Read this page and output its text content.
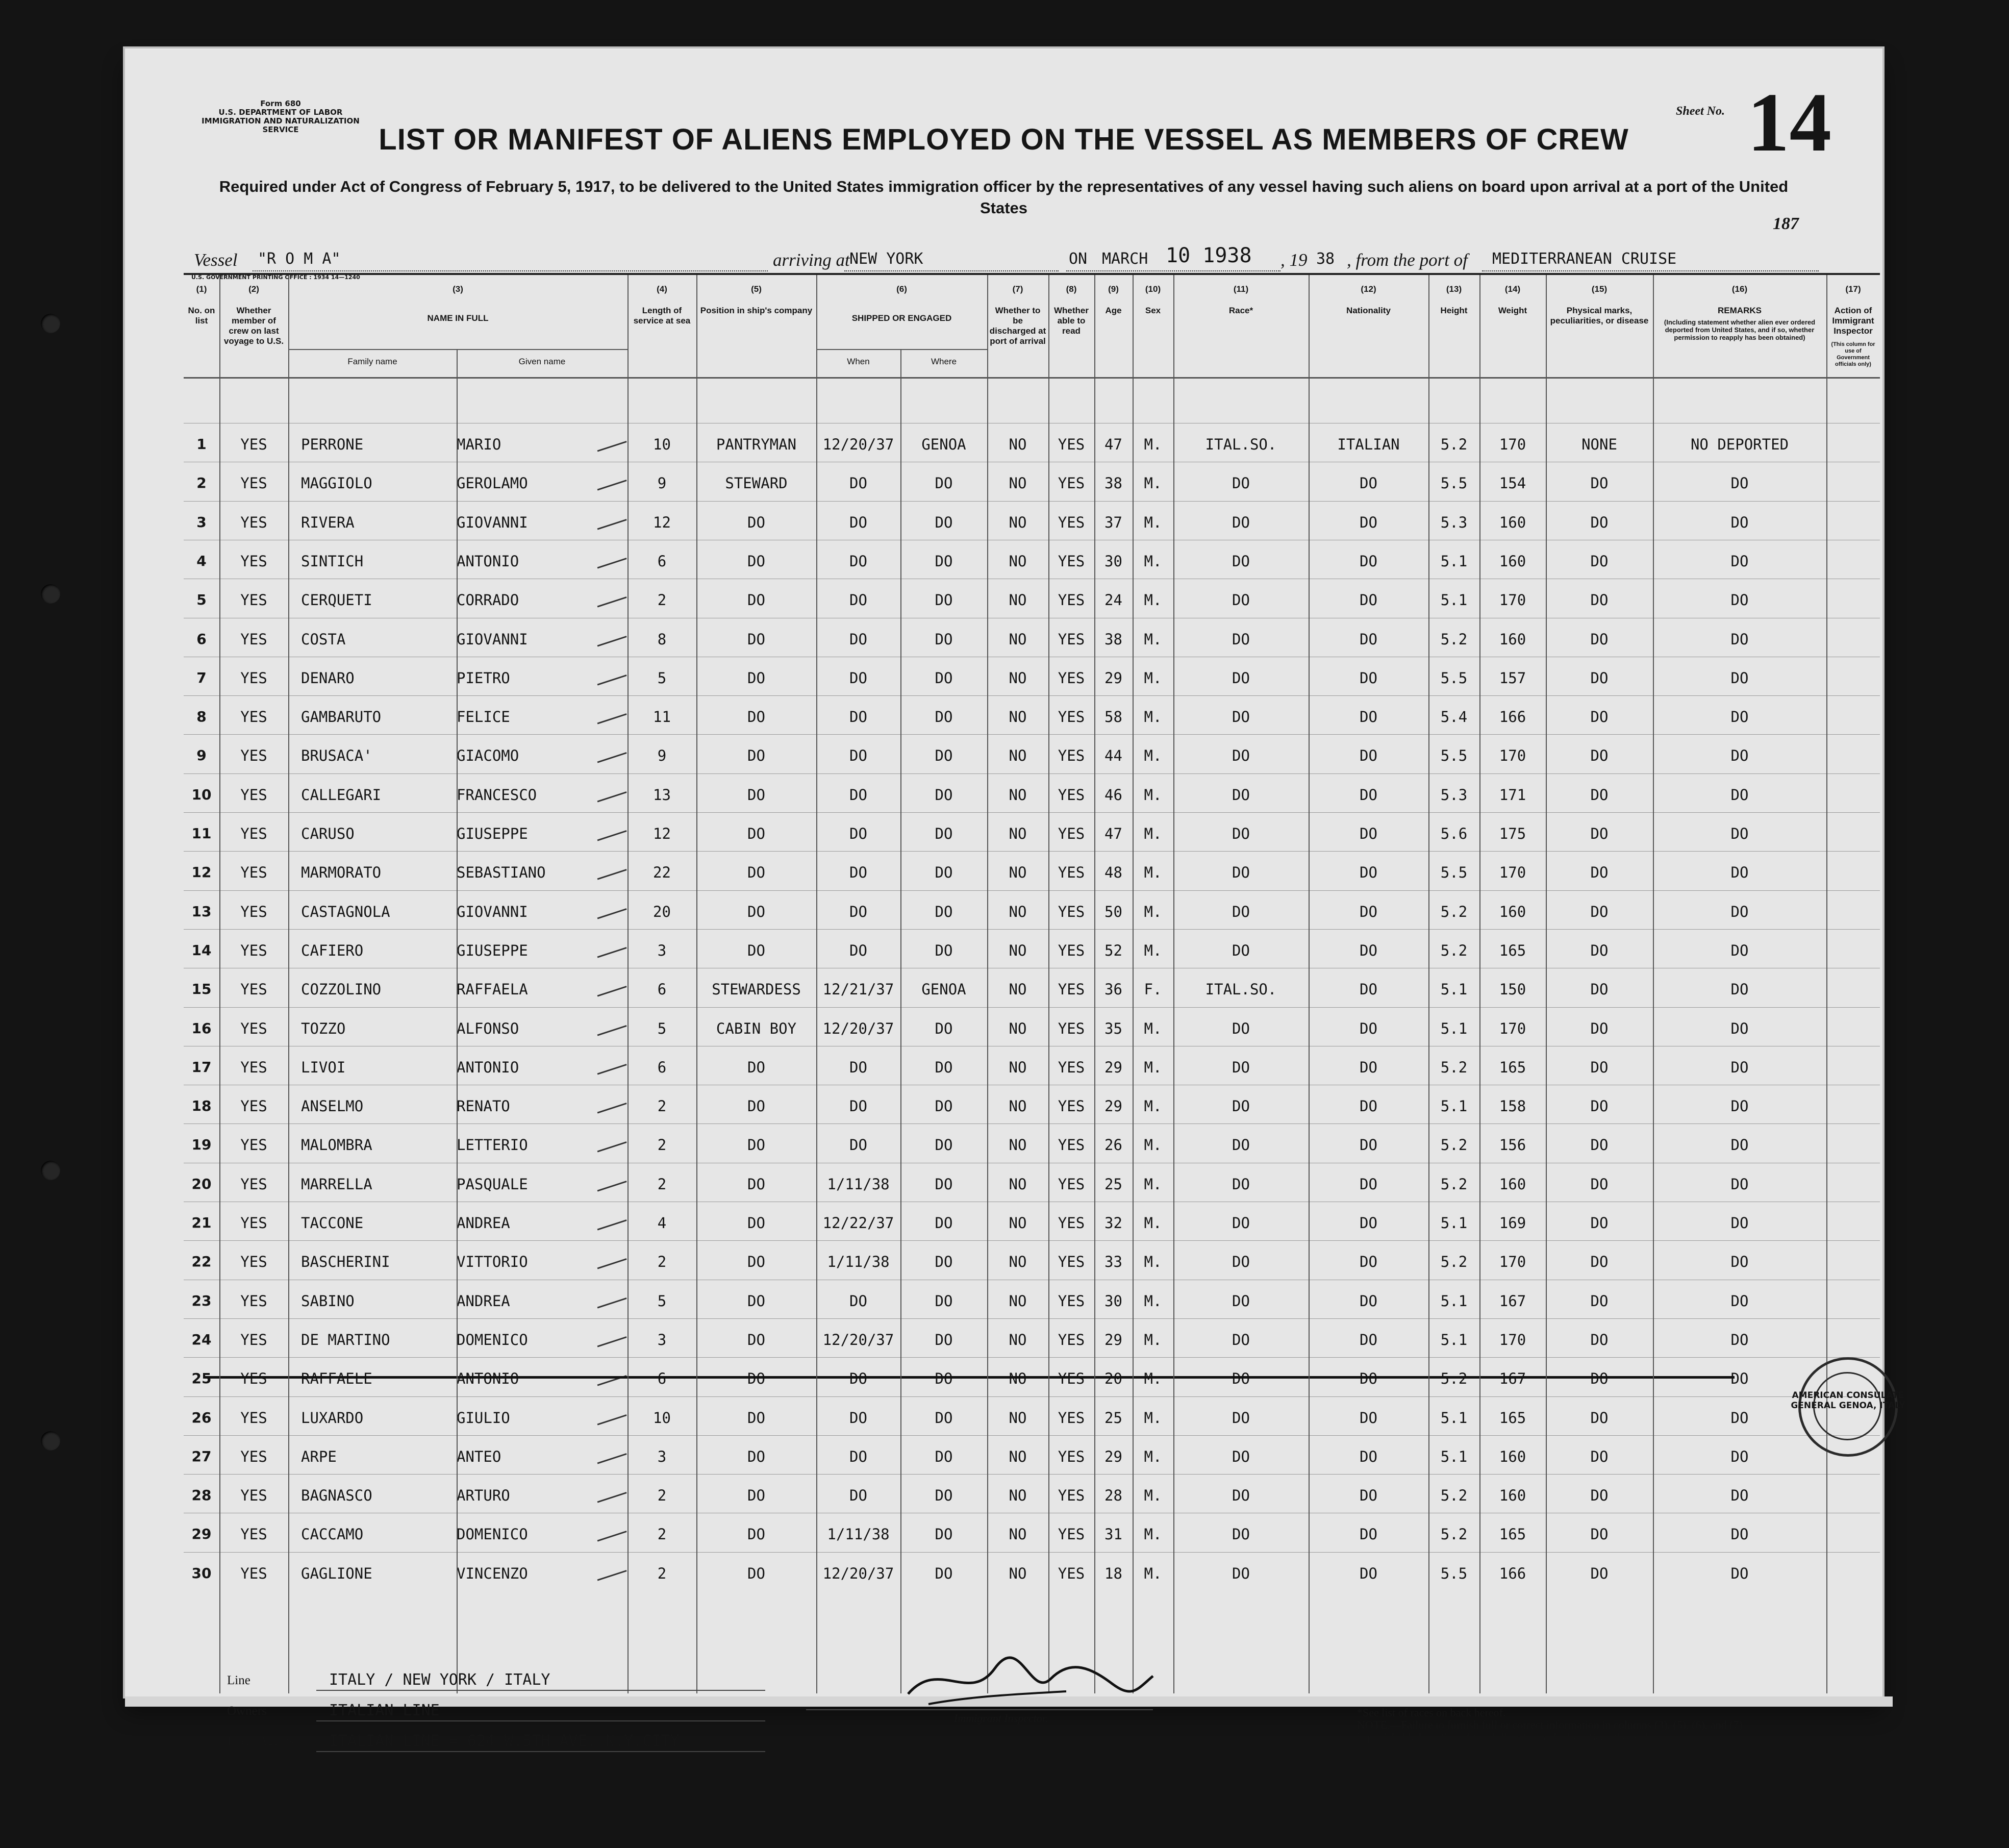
Form 680
U.S. DEPARTMENT OF LABOR
IMMIGRATION AND NATURALIZATION SERVICE
Sheet No. 14
LIST OR MANIFEST OF ALIENS EMPLOYED ON THE VESSEL AS MEMBERS OF CREW
Required under Act of Congress of February 5, 1917, to be delivered to the United States immigration officer by the representatives of any vessel having such aliens on board upon arrival at a port of the United States
187
Vessel "R O M A"	arriving at NEW YORK	ON MARCH 10 1938 , 19 38 , from the port of MEDITERRANEAN CRUISE
U.S. GOVERNMENT PRINTING OFFICE : 1934 14—1240
(1)
No. on list
(2)
Whether member of crew on last voyage to U.S.
(3)
NAME IN FULL
Family name	Given name
(4)
Length of service at sea
(5)
Position in ship's company
(6)
SHIPPED OR ENGAGED
When	Where
(7)
Whether to be discharged at port of arrival
(8)
Whether able to read
(9)
Age
(10)
Sex
(11)
Race*
(12)
Nationality
(13)
Height
(14)
Weight
(15)
Physical marks, peculiarities, or disease
(16)
REMARKS
(Including statement whether alien ever ordered deported from United States, and if so, whether permission to reapply has been obtained)
(17)
Action of Immigrant Inspector
(This column for use of Government officials only)
1	YES	PERRONE	MARIO	10	PANTRYMAN	12/20/37	GENOA	NO	YES	47	M.	ITAL.SO.	ITALIAN	5.2	170	NONE	NO DEPORTED
2	YES	MAGGIOLO	GEROLAMO	9	STEWARD	DO	DO	NO	YES	38	M.	DO	DO	5.5	154	DO	DO
3	YES	RIVERA	GIOVANNI	12	DO	DO	DO	NO	YES	37	M.	DO	DO	5.3	160	DO	DO
4	YES	SINTICH	ANTONIO	6	DO	DO	DO	NO	YES	30	M.	DO	DO	5.1	160	DO	DO
5	YES	CERQUETI	CORRADO	2	DO	DO	DO	NO	YES	24	M.	DO	DO	5.1	170	DO	DO
6	YES	COSTA	GIOVANNI	8	DO	DO	DO	NO	YES	38	M.	DO	DO	5.2	160	DO	DO
7	YES	DENARO	PIETRO	5	DO	DO	DO	NO	YES	29	M.	DO	DO	5.5	157	DO	DO
8	YES	GAMBARUTO	FELICE	11	DO	DO	DO	NO	YES	58	M.	DO	DO	5.4	166	DO	DO
9	YES	BRUSACA'	GIACOMO	9	DO	DO	DO	NO	YES	44	M.	DO	DO	5.5	170	DO	DO
10	YES	CALLEGARI	FRANCESCO	13	DO	DO	DO	NO	YES	46	M.	DO	DO	5.3	171	DO	DO
11	YES	CARUSO	GIUSEPPE	12	DO	DO	DO	NO	YES	47	M.	DO	DO	5.6	175	DO	DO
12	YES	MARMORATO	SEBASTIANO	22	DO	DO	DO	NO	YES	48	M.	DO	DO	5.5	170	DO	DO
13	YES	CASTAGNOLA	GIOVANNI	20	DO	DO	DO	NO	YES	50	M.	DO	DO	5.2	160	DO	DO
14	YES	CAFIERO	GIUSEPPE	3	DO	DO	DO	NO	YES	52	M.	DO	DO	5.2	165	DO	DO
15	YES	COZZOLINO	RAFFAELA	6	STEWARDESS	12/21/37	GENOA	NO	YES	36	F.	ITAL.SO.	DO	5.1	150	DO	DO
16	YES	TOZZO	ALFONSO	5	CABIN BOY	12/20/37	DO	NO	YES	35	M.	DO	DO	5.1	170	DO	DO
17	YES	LIVOI	ANTONIO	6	DO	DO	DO	NO	YES	29	M.	DO	DO	5.2	165	DO	DO
18	YES	ANSELMO	RENATO	2	DO	DO	DO	NO	YES	29	M.	DO	DO	5.1	158	DO	DO
19	YES	MALOMBRA	LETTERIO	2	DO	DO	DO	NO	YES	26	M.	DO	DO	5.2	156	DO	DO
20	YES	MARRELLA	PASQUALE	2	DO	1/11/38	DO	NO	YES	25	M.	DO	DO	5.2	160	DO	DO
21	YES	TACCONE	ANDREA	4	DO	12/22/37	DO	NO	YES	32	M.	DO	DO	5.1	169	DO	DO
22	YES	BASCHERINI	VITTORIO	2	DO	1/11/38	DO	NO	YES	33	M.	DO	DO	5.2	170	DO	DO
23	YES	SABINO	ANDREA	5	DO	DO	DO	NO	YES	30	M.	DO	DO	5.1	167	DO	DO
24	YES	DE MARTINO	DOMENICO	3	DO	12/20/37	DO	NO	YES	29	M.	DO	DO	5.1	170	DO	DO
25	YES	RAFFAELE	ANTONIO	6	DO	DO	DO	NO	YES	20	M.	DO	DO	5.2	167	DO	DO
26	YES	LUXARDO	GIULIO	10	DO	DO	DO	NO	YES	25	M.	DO	DO	5.1	165	DO	DO
27	YES	ARPE	ANTEO	3	DO	DO	DO	NO	YES	29	M.	DO	DO	5.1	160	DO	DO
28	YES	BAGNASCO	ARTURO	2	DO	DO	DO	NO	YES	28	M.	DO	DO	5.2	160	DO	DO
29	YES	CACCAMO	DOMENICO	2	DO	1/11/38	DO	NO	YES	31	M.	DO	DO	5.2	165	DO	DO
30	YES	GAGLIONE	VINCENZO	2	DO	12/20/37	DO	NO	YES	18	M.	DO	DO	5.5	166	DO	DO
AMERICAN CONSULATE GENERAL GENOA, ITALY
Line	ITALY / NEW YORK / ITALY
Owners	ITALIAN LINE
Local Agents ITALIAN LINE = 624 W.5TH AVE. N.Y.CITY
Immigrant Inspector.	*See list of races on back hereof.
NOTE.—Failure to furnish full or correct information in columns (3), (5), (6), and (7) is punishable by a fine of ten dollars for each alien. See other side.
14—1240
